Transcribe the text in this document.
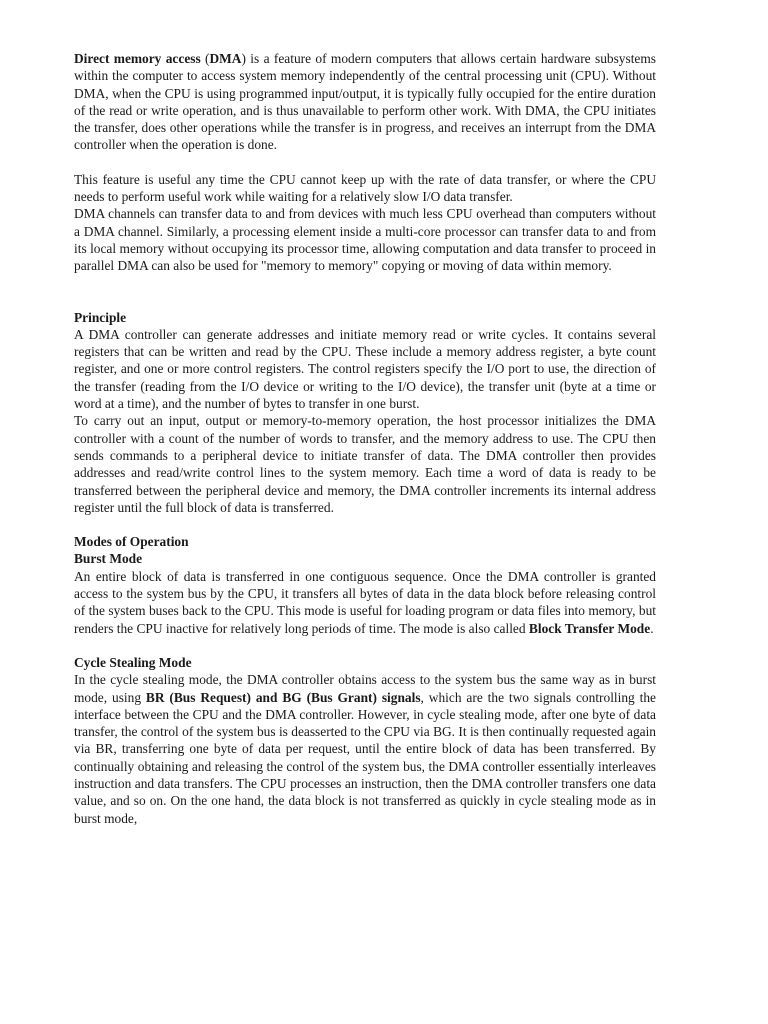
Direct memory access (DMA) is a feature of modern computers that allows certain hardware subsystems within the computer to access system memory independently of the central processing unit (CPU). Without DMA, when the CPU is using programmed input/output, it is typically fully occupied for the entire duration of the read or write operation, and is thus unavailable to perform other work. With DMA, the CPU initiates the transfer, does other operations while the transfer is in progress, and receives an interrupt from the DMA controller when the operation is done.

This feature is useful any time the CPU cannot keep up with the rate of data transfer, or where the CPU needs to perform useful work while waiting for a relatively slow I/O data transfer.

DMA channels can transfer data to and from devices with much less CPU overhead than computers without a DMA channel. Similarly, a processing element inside a multi-core processor can transfer data to and from its local memory without occupying its processor time, allowing computation and data transfer to proceed in parallel DMA can also be used for "memory to memory" copying or moving of data within memory.

Principle

A DMA controller can generate addresses and initiate memory read or write cycles. It contains several registers that can be written and read by the CPU. These include a memory address register, a byte count register, and one or more control registers. The control registers specify the I/O port to use, the direction of the transfer (reading from the I/O device or writing to the I/O device), the transfer unit (byte at a time or word at a time), and the number of bytes to transfer in one burst.

To carry out an input, output or memory-to-memory operation, the host processor initializes the DMA controller with a count of the number of words to transfer, and the memory address to use. The CPU then sends commands to a peripheral device to initiate transfer of data. The DMA controller then provides addresses and read/write control lines to the system memory. Each time a word of data is ready to be transferred between the peripheral device and memory, the DMA controller increments its internal address register until the full block of data is transferred.

Modes of Operation

Burst Mode

An entire block of data is transferred in one contiguous sequence. Once the DMA controller is granted access to the system bus by the CPU, it transfers all bytes of data in the data block before releasing control of the system buses back to the CPU. This mode is useful for loading program or data files into memory, but renders the CPU inactive for relatively long periods of time. The mode is also called Block Transfer Mode.

Cycle Stealing Mode

In the cycle stealing mode, the DMA controller obtains access to the system bus the same way as in burst mode, using BR (Bus Request) and BG (Bus Grant) signals, which are the two signals controlling the interface between the CPU and the DMA controller. However, in cycle stealing mode, after one byte of data transfer, the control of the system bus is deasserted to the CPU via BG. It is then continually requested again via BR, transferring one byte of data per request, until the entire block of data has been transferred. By continually obtaining and releasing the control of the system bus, the DMA controller essentially interleaves instruction and data transfers. The CPU processes an instruction, then the DMA controller transfers one data value, and so on. On the one hand, the data block is not transferred as quickly in cycle stealing mode as in burst mode,
